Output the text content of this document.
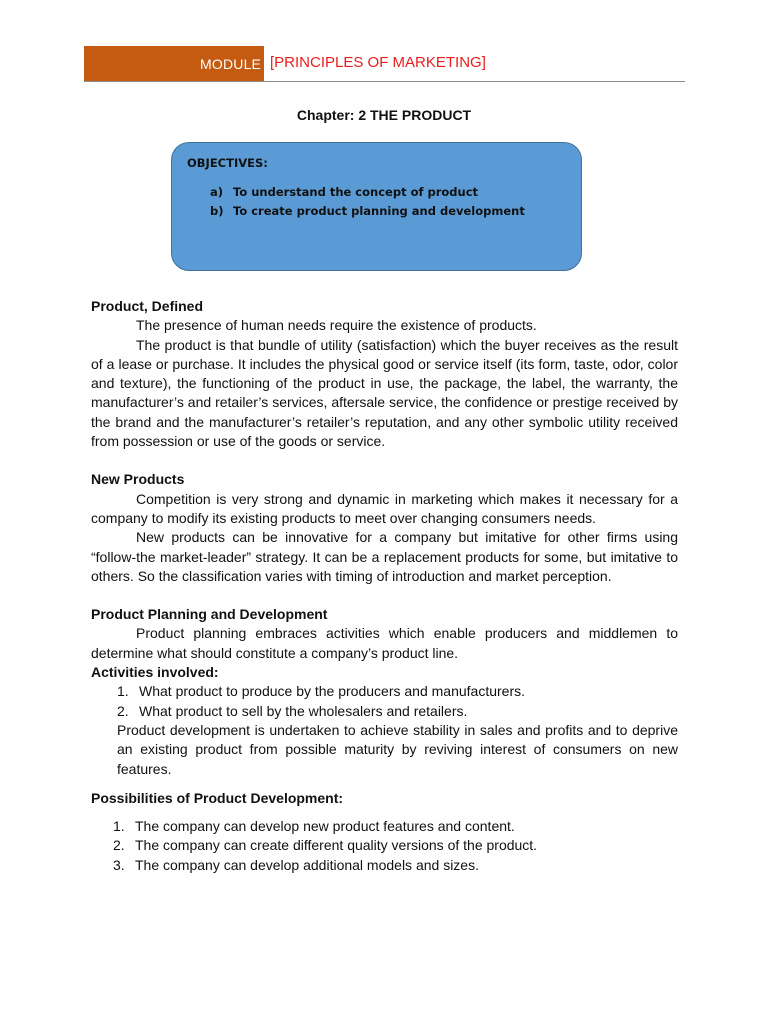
MODULE [PRINCIPLES OF MARKETING]
Chapter: 2 THE PRODUCT
OBJECTIVES:
a) To understand the concept of product
b) To create product planning and development
Product, Defined
The presence of human needs require the existence of products.
The product is that bundle of utility (satisfaction) which the buyer receives as the result of a lease or purchase. It includes the physical good or service itself (its form, taste, odor, color and texture), the functioning of the product in use, the package, the label, the warranty, the manufacturer’s and retailer’s services, aftersale service, the confidence or prestige received by the brand and the manufacturer’s retailer’s reputation, and any other symbolic utility received from possession or use of the goods or service.
New Products
Competition is very strong and dynamic in marketing which makes it necessary for a company to modify its existing products to meet over changing consumers needs.
New products can be innovative for a company but imitative for other firms using “follow-the market-leader” strategy. It can be a replacement products for some, but imitative to others. So the classification varies with timing of introduction and market perception.
Product Planning and Development
Product planning embraces activities which enable producers and middlemen to determine what should constitute a company’s product line.
Activities involved:
1. What product to produce by the producers and manufacturers.
2. What product to sell by the wholesalers and retailers.
Product development is undertaken to achieve stability in sales and profits and to deprive an existing product from possible maturity by reviving interest of consumers on new features.
Possibilities of Product Development:
1. The company can develop new product features and content.
2. The company can create different quality versions of the product.
3. The company can develop additional models and sizes.
